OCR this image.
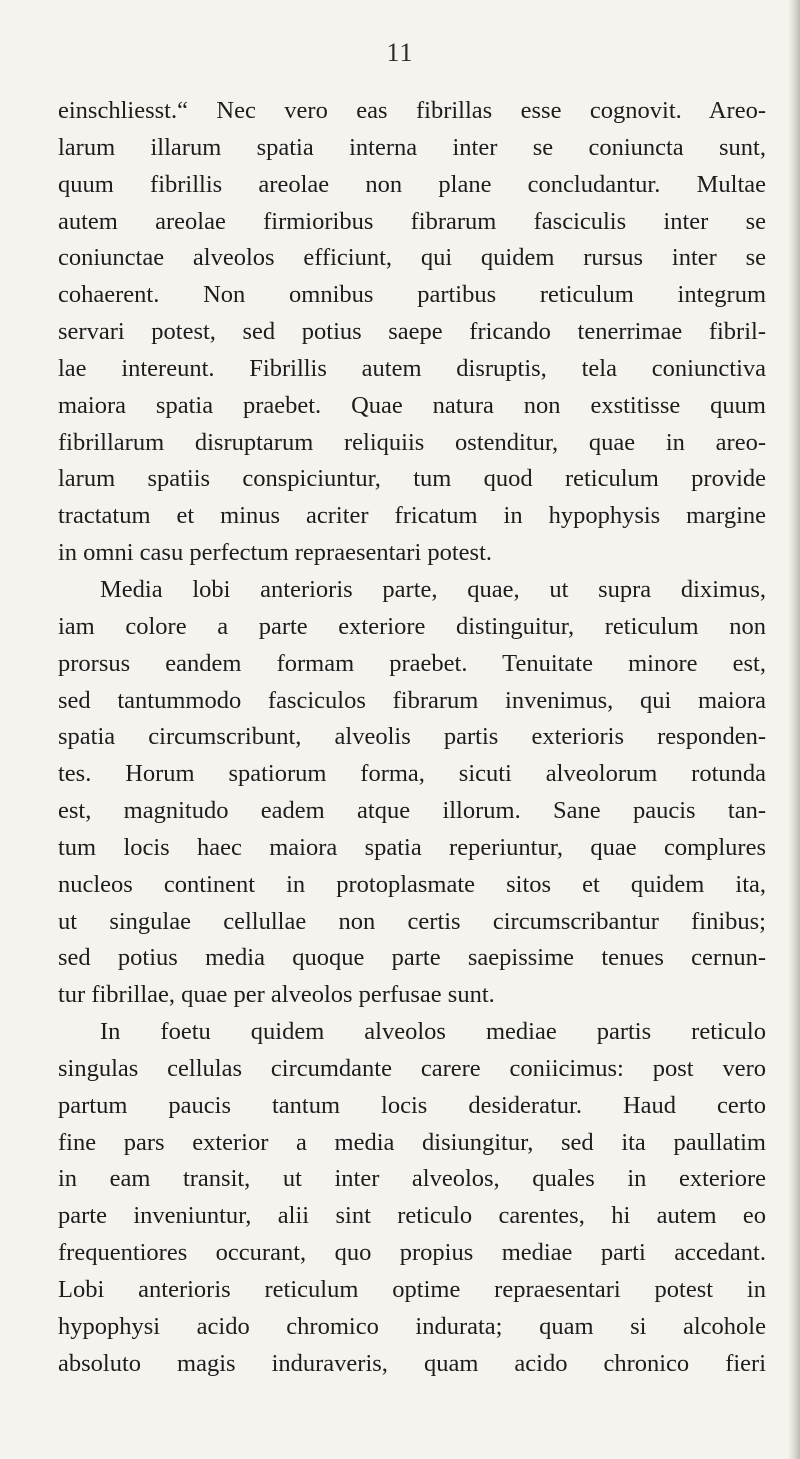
11
einschliesst.“ Nec vero eas fibrillas esse cognovit. Areo-
larum illarum spatia interna inter se coniuncta sunt,
quum fibrillis areolae non plane concludantur. Multae
autem areolae firmioribus fibrarum fasciculis inter se
coniunctae alveolos efficiunt, qui quidem rursus inter se
cohaerent. Non omnibus partibus reticulum integrum
servari potest, sed potius saepe fricando tenerrimae fibril-
lae intereunt. Fibrillis autem disruptis, tela coniunctiva
maiora spatia praebet. Quae natura non exstitisse quum
fibrillarum disruptarum reliquiis ostenditur, quae in areo-
larum spatiis conspiciuntur, tum quod reticulum provide
tractatum et minus acriter fricatum in hypophysis margine
in omni casu perfectum repraesentari potest.
Media lobi anterioris parte, quae, ut supra diximus,
iam colore a parte exteriore distinguitur, reticulum non
prorsus eandem formam praebet. Tenuitate minore est,
sed tantummodo fasciculos fibrarum invenimus, qui maiora
spatia circumscribunt, alveolis partis exterioris responden-
tes. Horum spatiorum forma, sicuti alveolorum rotunda
est, magnitudo eadem atque illorum. Sane paucis tan-
tum locis haec maiora spatia reperiuntur, quae complures
nucleos continent in protoplasmate sitos et quidem ita,
ut singulae cellullae non certis circumscribantur finibus;
sed potius media quoque parte saepissime tenues cernun-
tur fibrillae, quae per alveolos perfusae sunt.
In foetu quidem alveolos mediae partis reticulo
singulas cellulas circumdante carere coniicimus: post vero
partum paucis tantum locis desideratur. Haud certo
fine pars exterior a media disiungitur, sed ita paullatim
in eam transit, ut inter alveolos, quales in exteriore
parte inveniuntur, alii sint reticulo carentes, hi autem eo
frequentiores occurant, quo propius mediae parti accedant.
Lobi anterioris reticulum optime repraesentari potest in
hypophysi acido chromico indurata; quam si alcohole
absoluto magis induraveris, quam acido chronico fieri
